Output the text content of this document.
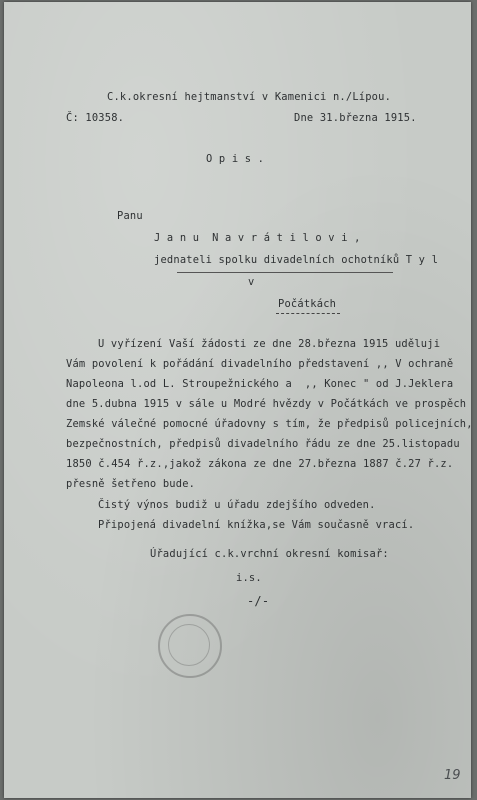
C.k.okresní hejtmanství v Kamenici n./Lípou.
Č: 10358.	Dne 31.března 1915.
O p i s .
Panu
J a n u  N a v r á t i l o v i ,
jednateli spolku divadelních ochotníků T y l
v
Počátkách
U vyřízení Vaší žádosti ze dne 28.března 1915 uděluji
Vám povolení k pořádání divadelního představení ,, V ochraně
Napoleona l.od L. Stroupežnického a  ,, Konec " od J.Jeklera
dne 5.dubna 1915 v sále u Modré hvězdy v Počátkách ve prospěch
Zemské válečné pomocné úřadovny s tím, že předpisů policejních,
bezpečnostních, předpisů divadelního řádu ze dne 25.listopadu
1850 č.454 ř.z.,jakož zákona ze dne 27.března 1887 č.27 ř.z.
přesně šetřeno bude.
Čistý výnos budiž u úřadu zdejšího odveden.
Připojená divadelní knížka,se Vám současně vrací.
Úřadující c.k.vrchní okresní komisař:
i.s.
-/-
19
